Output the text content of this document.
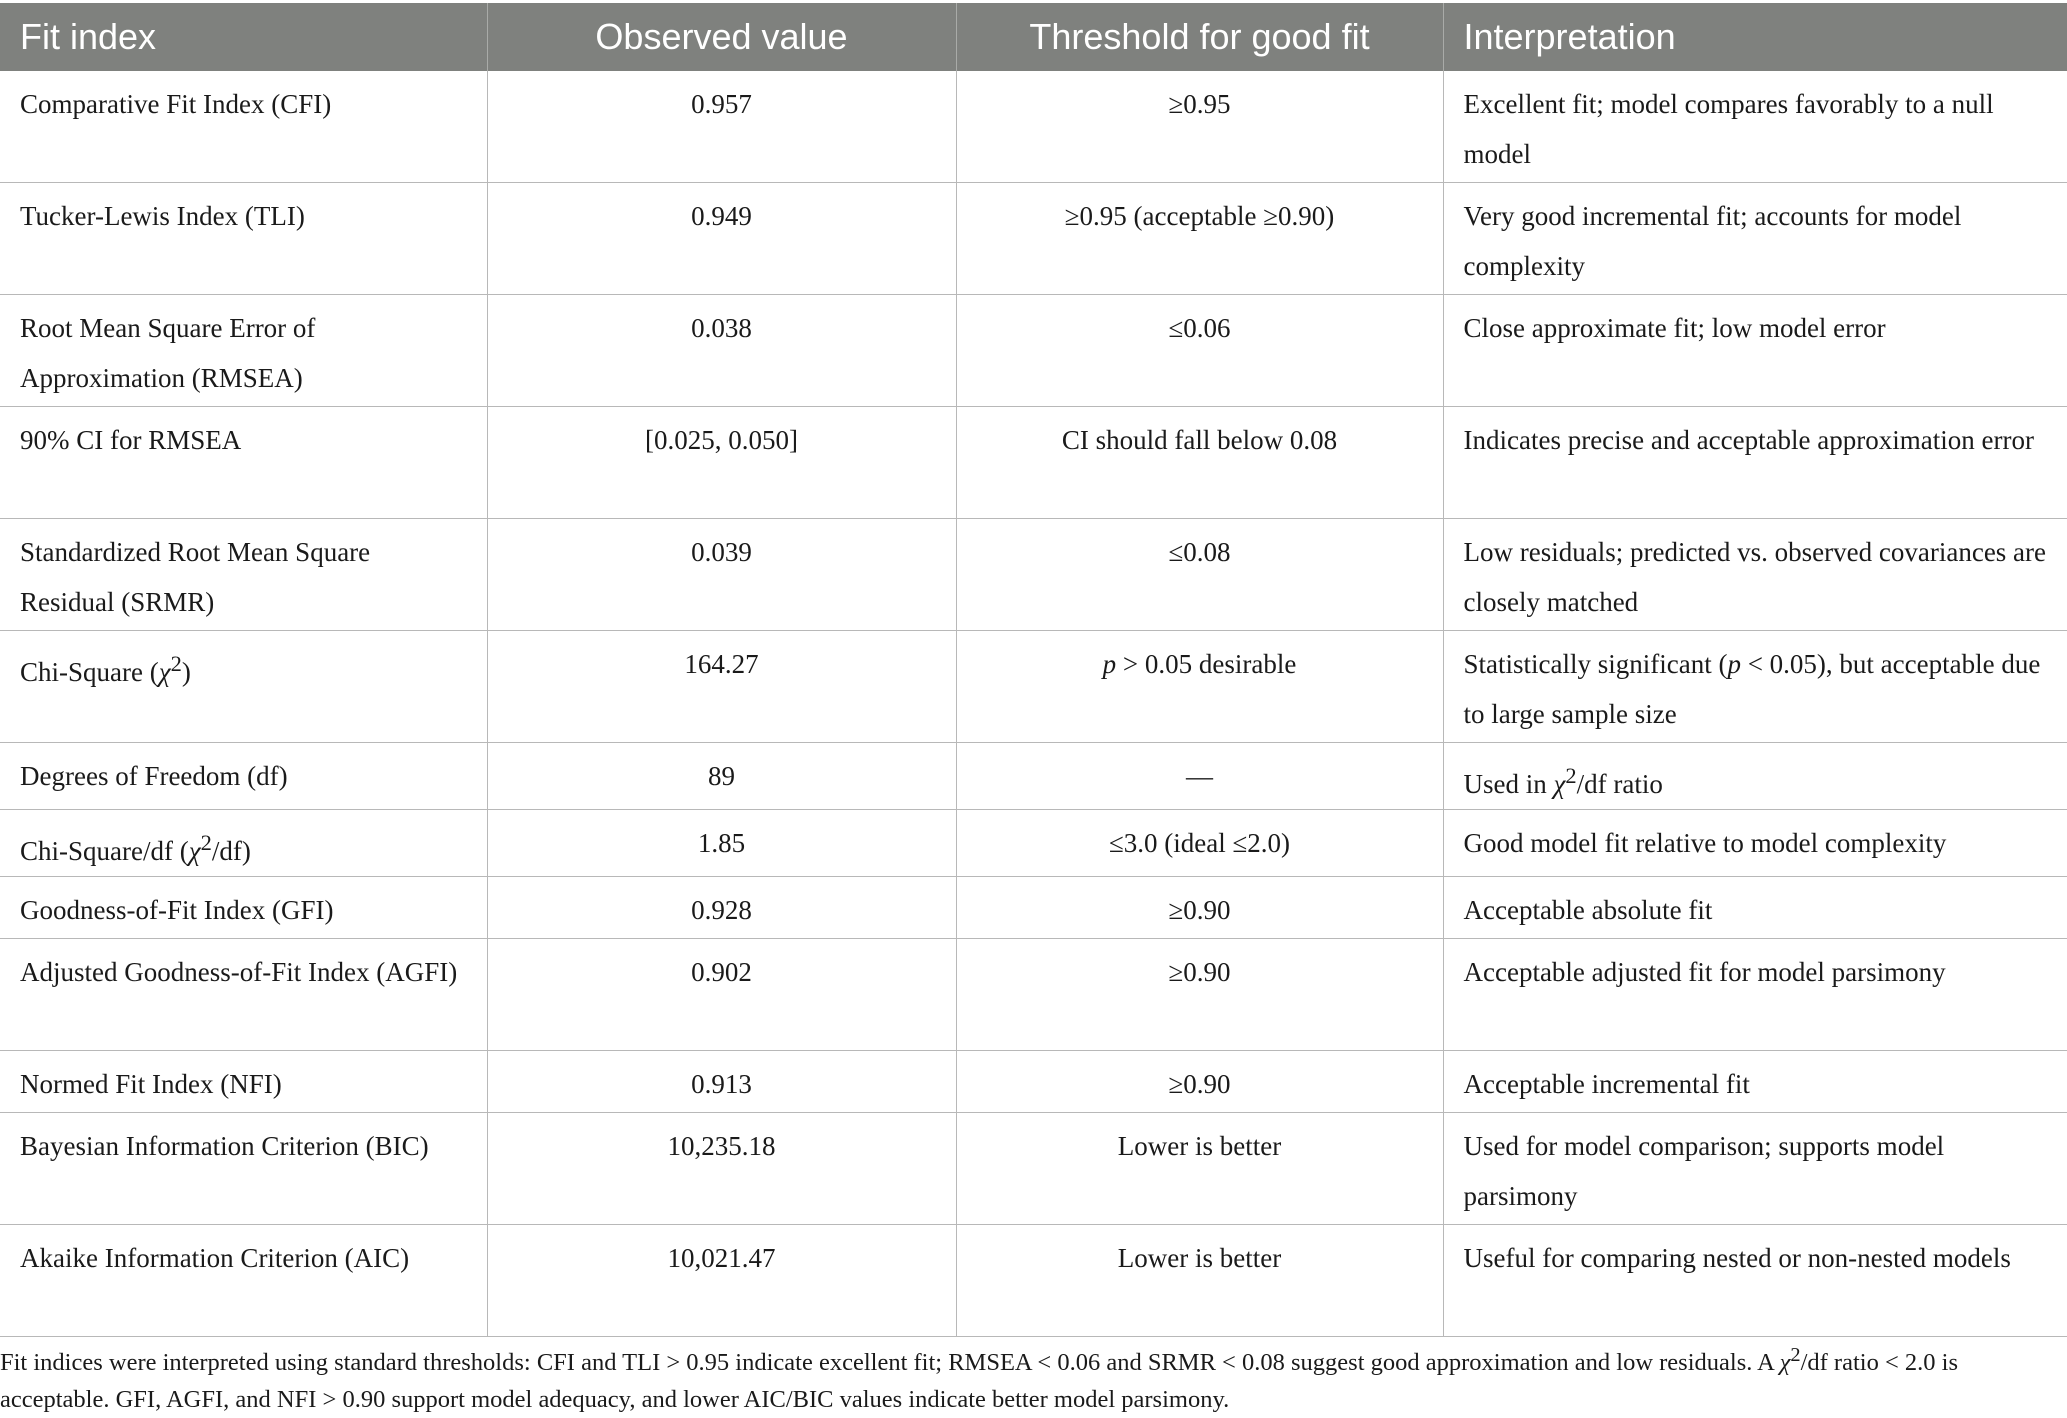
Fit index	Observed value	Threshold for good fit	Interpretation
Comparative Fit Index (CFI)	0.957	≥0.95	Excellent fit; model compares favorably to a null model
Tucker-Lewis Index (TLI)	0.949	≥0.95 (acceptable ≥0.90)	Very good incremental fit; accounts for model complexity
Root Mean Square Error of Approximation (RMSEA)	0.038	≤0.06	Close approximate fit; low model error
90% CI for RMSEA	[0.025, 0.050]	CI should fall below 0.08	Indicates precise and acceptable approximation error
Standardized Root Mean Square Residual (SRMR)	0.039	≤0.08	Low residuals; predicted vs. observed covariances are closely matched
Chi-Square $(\chi^2)$	164.27	p > 0.05 desirable	Statistically significant (p < 0.05), but acceptable due to large sample size
Degrees of Freedom (df)	89	—	Used in $\chi^2/df$ ratio
Chi-Square/df $(\chi^2/df)$	1.85	≤3.0 (ideal ≤2.0)	Good model fit relative to model complexity
Goodness-of-Fit Index (GFI)	0.928	≥0.90	Acceptable absolute fit
Adjusted Goodness-of-Fit Index (AGFI)	0.902	≥0.90	Acceptable adjusted fit for model parsimony
Normed Fit Index (NFI)	0.913	≥0.90	Acceptable incremental fit
Bayesian Information Criterion (BIC)	10,235.18	Lower is better	Used for model comparison; supports model parsimony
Akaike Information Criterion (AIC)	10,021.47	Lower is better	Useful for comparing nested or non-nested models
Fit indices were interpreted using standard thresholds: CFI and TLI > 0.95 indicate excellent fit; RMSEA < 0.06 and SRMR < 0.08 suggest good approximation and low residuals. A $\chi^2/df$ ratio < 2.0 is acceptable. GFI, AGFI, and NFI > 0.90 support model adequacy, and lower AIC/BIC values indicate better model parsimony.
